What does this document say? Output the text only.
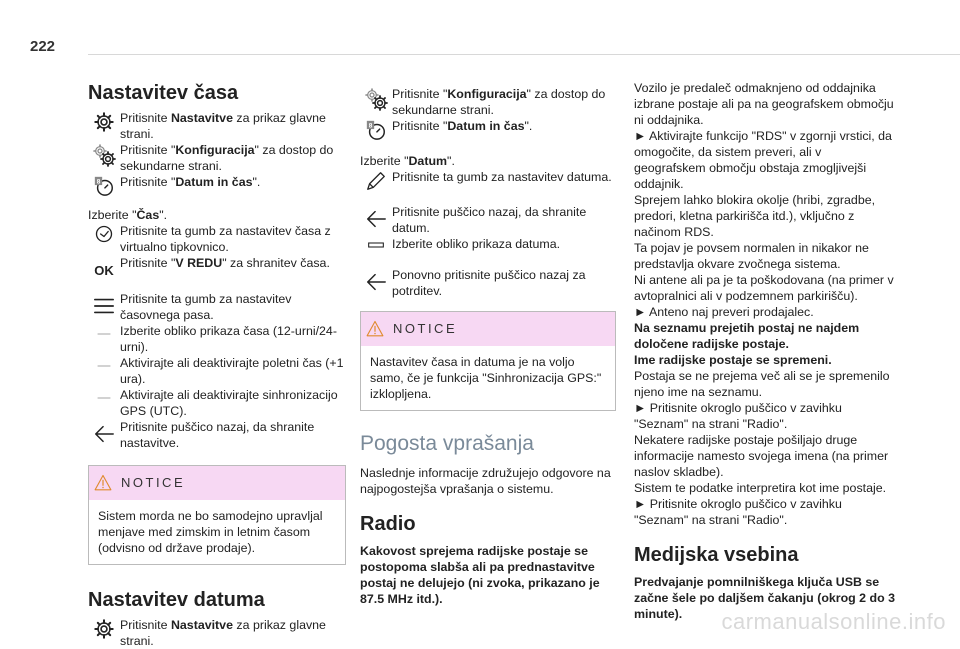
222
Nastavitev časa
Pritisnite Nastavitve za prikaz glavne strani.
Pritisnite "Konfiguracija" za dostop do sekundarne strani.
Pritisnite "Datum in čas".

Izberite "Čas".

Pritisnite ta gumb za nastavitev časa z virtualno tipkovnico.
OK Pritisnite "V REDU" za shranitev časa.
Pritisnite ta gumb za nastavitev časovnega pasa.
Izberite obliko prikaza časa (12-urni/24-urni).
Aktivirajte ali deaktivirajte poletni čas (+1 ura).
Aktivirajte ali deaktivirajte sinhronizacijo GPS (UTC).
Pritisnite puščico nazaj, da shranite nastavitve.
NOTICE
Sistem morda ne bo samodejno upravljal menjave med zimskim in letnim časom (odvisno od države prodaje).
Nastavitev datuma
Pritisnite Nastavitve za prikaz glavne strani.
Pritisnite "Konfiguracija" za dostop do sekundarne strani.
Pritisnite "Datum in čas".

Izberite "Datum".

Pritisnite ta gumb za nastavitev datuma.
Pritisnite puščico nazaj, da shranite datum.
Izberite obliko prikaza datuma.
Ponovno pritisnite puščico nazaj za potrditev.
NOTICE
Nastavitev časa in datuma je na voljo samo, če je funkcija "Sinhronizacija GPS:" izklopljena.
Pogosta vprašanja

Naslednje informacije združujejo odgovore na najpogostejša vprašanja o sistemu.

Radio

Kakovost sprejema radijske postaje se postopoma slabša ali pa prednastavitve postaj ne delujejo (ni zvoka, prikazano je 87.5 MHz itd.).

Vozilo je predaleč odmaknjeno od oddajnika izbrane postaje ali pa na geografskem območju ni oddajnika.

► Aktivirajte funkcijo "RDS" v zgornji vrstici, da omogočite, da sistem preveri, ali v geografskem območju obstaja zmogljivejši oddajnik.

Sprejem lahko blokira okolje (hribi, zgradbe, predori, kletna parkirišča itd.), vključno z načinom RDS.

Ta pojav je povsem normalen in nikakor ne predstavlja okvare zvočnega sistema.

Ni antene ali pa je ta poškodovana (na primer v avtopralnici ali v podzemnem parkirišču).

► Anteno naj preveri prodajalec.

Na seznamu prejetih postaj ne najdem določene radijske postaje.

Ime radijske postaje se spremeni.

Postaja se ne prejema več ali se je spremenilo njeno ime na seznamu.

► Pritisnite okroglo puščico v zavihku "Seznam" na strani "Radio".

Nekatere radijske postaje pošiljajo druge informacije namesto svojega imena (na primer naslov skladbe).

Sistem te podatke interpretira kot ime postaje.

► Pritisnite okroglo puščico v zavihku "Seznam" na strani "Radio".

Medijska vsebina

Predvajanje pomnilniškega ključa USB se začne šele po daljšem čakanju (okrog 2 do 3 minute).	carmanualsonline.info
